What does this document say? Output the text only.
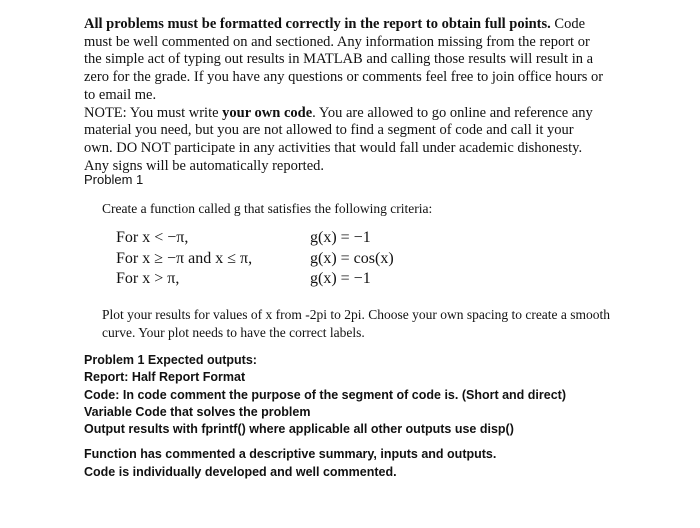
All problems must be formatted correctly in the report to obtain full points. Code must be well commented on and sectioned. Any information missing from the report or the simple act of typing out results in MATLAB and calling those results will result in a zero for the grade. If you have any questions or comments feel free to join office hours or to email me.

NOTE: You must write your own code. You are allowed to go online and reference any material you need, but you are not allowed to find a segment of code and call it your own. DO NOT participate in any activities that would fall under academic dishonesty. Any signs will be automatically reported.

Problem 1
Create a function called g that satisfies the following criteria:
For x < −π,	g(x) = −1
For x ≥ −π and x ≤ π,	g(x) = cos(x)
For x > π,	g(x) = −1
Plot your results for values of x from -2pi to 2pi. Choose your own spacing to create a smooth curve. Your plot needs to have the correct labels.
Problem 1 Expected outputs:
Report: Half Report Format
Code: In code comment the purpose of the segment of code is. (Short and direct)
Variable Code that solves the problem
Output results with fprintf() where applicable all other outputs use disp()
Function has commented a descriptive summary, inputs and outputs.
Code is individually developed and well commented.
